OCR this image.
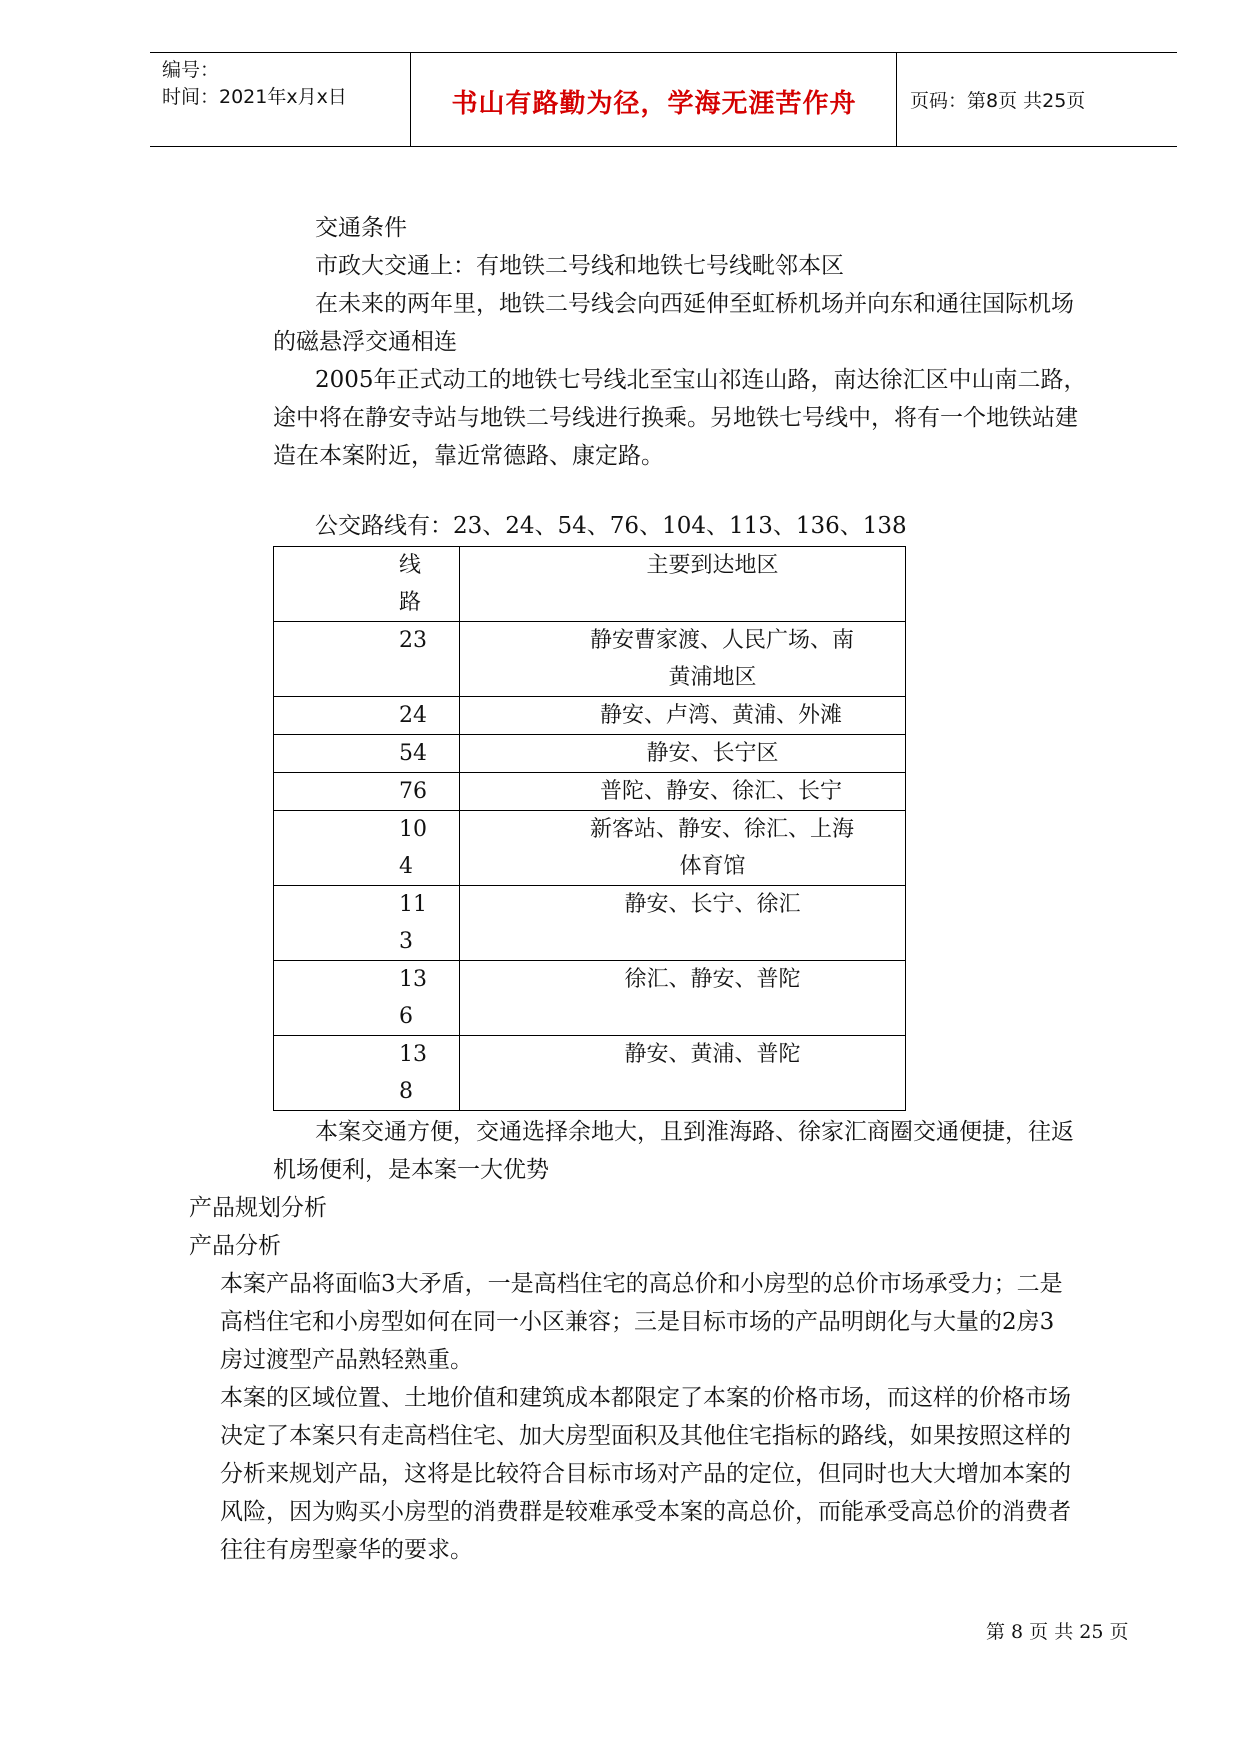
编号：
时间：2021年x月x日	书山有路勤为径，学海无涯苦作舟	页码：第8页 共25页

交通条件

市政大交通上：有地铁二号线和地铁七号线毗邻本区

在未来的两年里，地铁二号线会向西延伸至虹桥机场并向东和通往国际机场

的磁悬浮交通相连

2005年正式动工的地铁七号线北至宝山祁连山路，南达徐汇区中山南二路，

途中将在静安寺站与地铁二号线进行换乘。另地铁七号线中，将有一个地铁站建

造在本案附近，靠近常德路、康定路。

公交路线有：23、24、54、76、104、113、136、138

线
路	主要到达地区

23	静安曹家渡、人民广场、南
黄浦地区

24	静安、卢湾、黄浦、外滩

54	静安、长宁区

76	普陀、静安、徐汇、长宁

10
4	新客站、静安、徐汇、上海
体育馆

11
3	静安、长宁、徐汇

13
6	徐汇、静安、普陀

13
8	静安、黄浦、普陀

本案交通方便，交通选择余地大，且到淮海路、徐家汇商圈交通便捷，往返

机场便利，是本案一大优势

产品规划分析

产品分析

本案产品将面临3大矛盾，一是高档住宅的高总价和小房型的总价市场承受力；二是

高档住宅和小房型如何在同一小区兼容；三是目标市场的产品明朗化与大量的2房3

房过渡型产品熟轻熟重。

本案的区域位置、土地价值和建筑成本都限定了本案的价格市场，而这样的价格市场

决定了本案只有走高档住宅、加大房型面积及其他住宅指标的路线，如果按照这样的

分析来规划产品，这将是比较符合目标市场对产品的定位，但同时也大大增加本案的

风险，因为购买小房型的消费群是较难承受本案的高总价，而能承受高总价的消费者

往往有房型豪华的要求。

第 8 页 共 25 页
